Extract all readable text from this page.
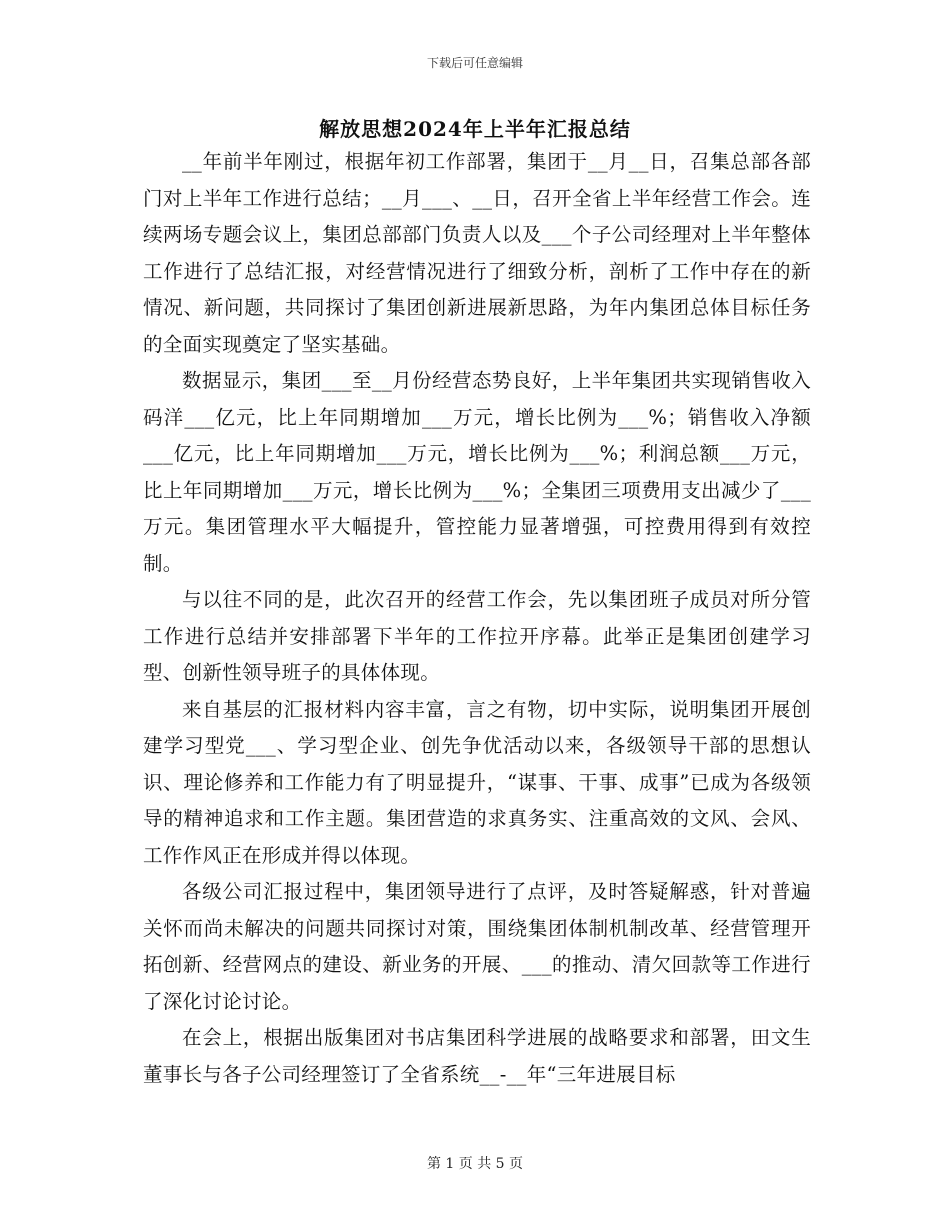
下载后可任意编辑
解放思想2024年上半年汇报总结

__年前半年刚过，根据年初工作部署，集团于__月__日，召集总部各部门对上半年工作进行总结；__月___、__日，召开全省上半年经营工作会。连续两场专题会议上，集团总部部门负责人以及___个子公司经理对上半年整体工作进行了总结汇报，对经营情况进行了细致分析，剖析了工作中存在的新情况、新问题，共同探讨了集团创新进展新思路，为年内集团总体目标任务的全面实现奠定了坚实基础。

数据显示，集团___至__月份经营态势良好，上半年集团共实现销售收入码洋___亿元，比上年同期增加___万元，增长比例为___%；销售收入净额___亿元，比上年同期增加___万元，增长比例为___%；利润总额___万元，比上年同期增加___万元，增长比例为___%；全集团三项费用支出减少了___万元。集团管理水平大幅提升，管控能力显著增强，可控费用得到有效控制。

与以往不同的是，此次召开的经营工作会，先以集团班子成员对所分管工作进行总结并安排部署下半年的工作拉开序幕。此举正是集团创建学习型、创新性领导班子的具体体现。

来自基层的汇报材料内容丰富，言之有物，切中实际，说明集团开展创建学习型党___、学习型企业、创先争优活动以来，各级领导干部的思想认识、理论修养和工作能力有了明显提升，“谋事、干事、成事”已成为各级领导的精神追求和工作主题。集团营造的求真务实、注重高效的文风、会风、工作作风正在形成并得以体现。

各级公司汇报过程中，集团领导进行了点评，及时答疑解惑，针对普遍关怀而尚未解决的问题共同探讨对策，围绕集团体制机制改革、经营管理开拓创新、经营网点的建设、新业务的开展、___的推动、清欠回款等工作进行了深化讨论讨论。

在会上，根据出版集团对书店集团科学进展的战略要求和部署，田文生董事长与各子公司经理签订了全省系统__-__年“三年进展目标

第 1 页 共 5 页
